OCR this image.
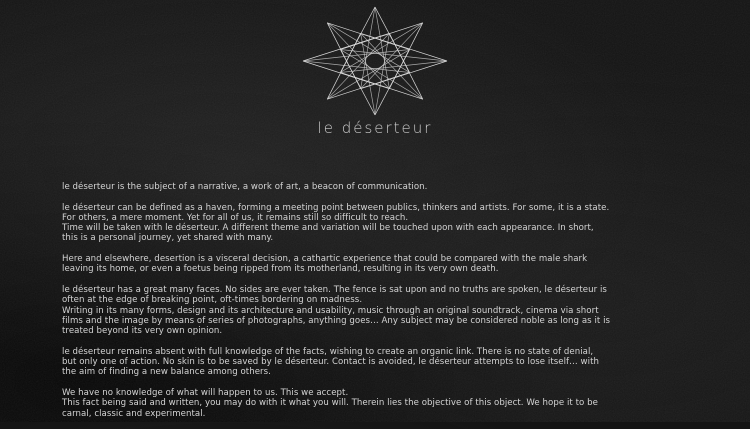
le déserteur
le déserteur is the subject of a narrative, a work of art, a beacon of communication.
le déserteur can be defined as a haven, forming a meeting point between publics, thinkers and artists. For some, it is a state.
For others, a mere moment. Yet for all of us, it remains still so difficult to reach.
Time will be taken with le déserteur. A different theme and variation will be touched upon with each appearance. In short,
this is a personal journey, yet shared with many.
Here and elsewhere, desertion is a visceral decision, a cathartic experience that could be compared with the male shark
leaving its home, or even a foetus being ripped from its motherland, resulting in its very own death.
le déserteur has a great many faces. No sides are ever taken. The fence is sat upon and no truths are spoken, le déserteur is
often at the edge of breaking point, oft-times bordering on madness.
Writing in its many forms, design and its architecture and usability, music through an original soundtrack, cinema via short
films and the image by means of series of photographs, anything goes… Any subject may be considered noble as long as it is
treated beyond its very own opinion.
le déserteur remains absent with full knowledge of the facts, wishing to create an organic link. There is no state of denial,
but only one of action. No skin is to be saved by le déserteur. Contact is avoided, le déserteur attempts to lose itself… with
the aim of finding a new balance among others.
We have no knowledge of what will happen to us. This we accept.
This fact being said and written, you may do with it what you will. Therein lies the objective of this object. We hope it to be
carnal, classic and experimental.
